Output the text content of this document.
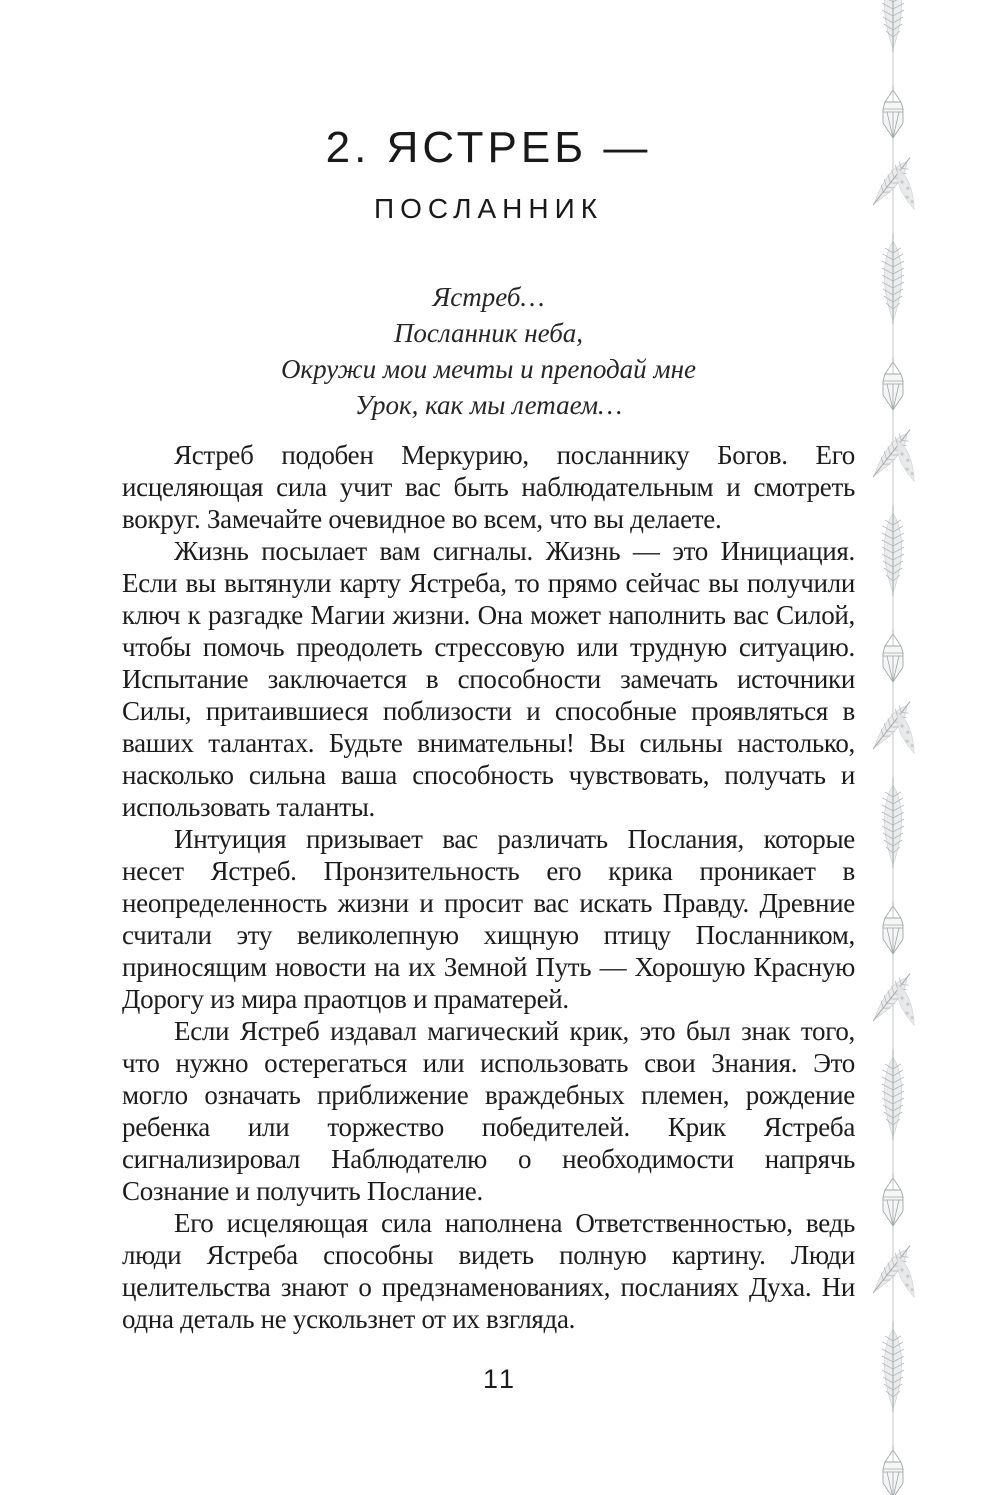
2. ЯСТРЕБ —
ПОСЛАННИК
Ястреб…
Посланник неба,
Окружи мои мечты и преподай мне
Урок, как мы летаем…

Ястреб подобен Меркурию, посланнику Богов. Его исцеляющая сила учит вас быть наблюдательным и смотреть вокруг. Замечайте очевидное во всем, что вы делаете.

Жизнь посылает вам сигналы. Жизнь — это Инициация. Если вы вытянули карту Ястреба, то прямо сейчас вы получили ключ к разгадке Магии жизни. Она может наполнить вас Силой, чтобы помочь преодолеть стрессовую или трудную ситуацию. Испытание заключается в способности замечать источники Силы, притаившиеся поблизости и способные проявляться в ваших талантах. Будьте внимательны! Вы сильны настолько, насколько сильна ваша способность чувствовать, получать и использовать таланты.

Интуиция призывает вас различать Послания, которые несет Ястреб. Пронзительность его крика проникает в неопределенность жизни и просит вас искать Правду. Древние считали эту великолепную хищную птицу Посланником, приносящим новости на их Земной Путь — Хорошую Красную Дорогу из мира праотцов и праматерей.

Если Ястреб издавал магический крик, это был знак того, что нужно остерегаться или использовать свои Знания. Это могло означать приближение враждебных племен, рождение ребенка или торжество победителей. Крик Ястреба сигнализировал Наблюдателю о необходимости напрячь Сознание и получить Послание.

Его исцеляющая сила наполнена Ответственностью, ведь люди Ястреба способны видеть полную картину. Люди целительства знают о предзнаменованиях, посланиях Духа. Ни одна деталь не ускользнет от их взгляда.

11
